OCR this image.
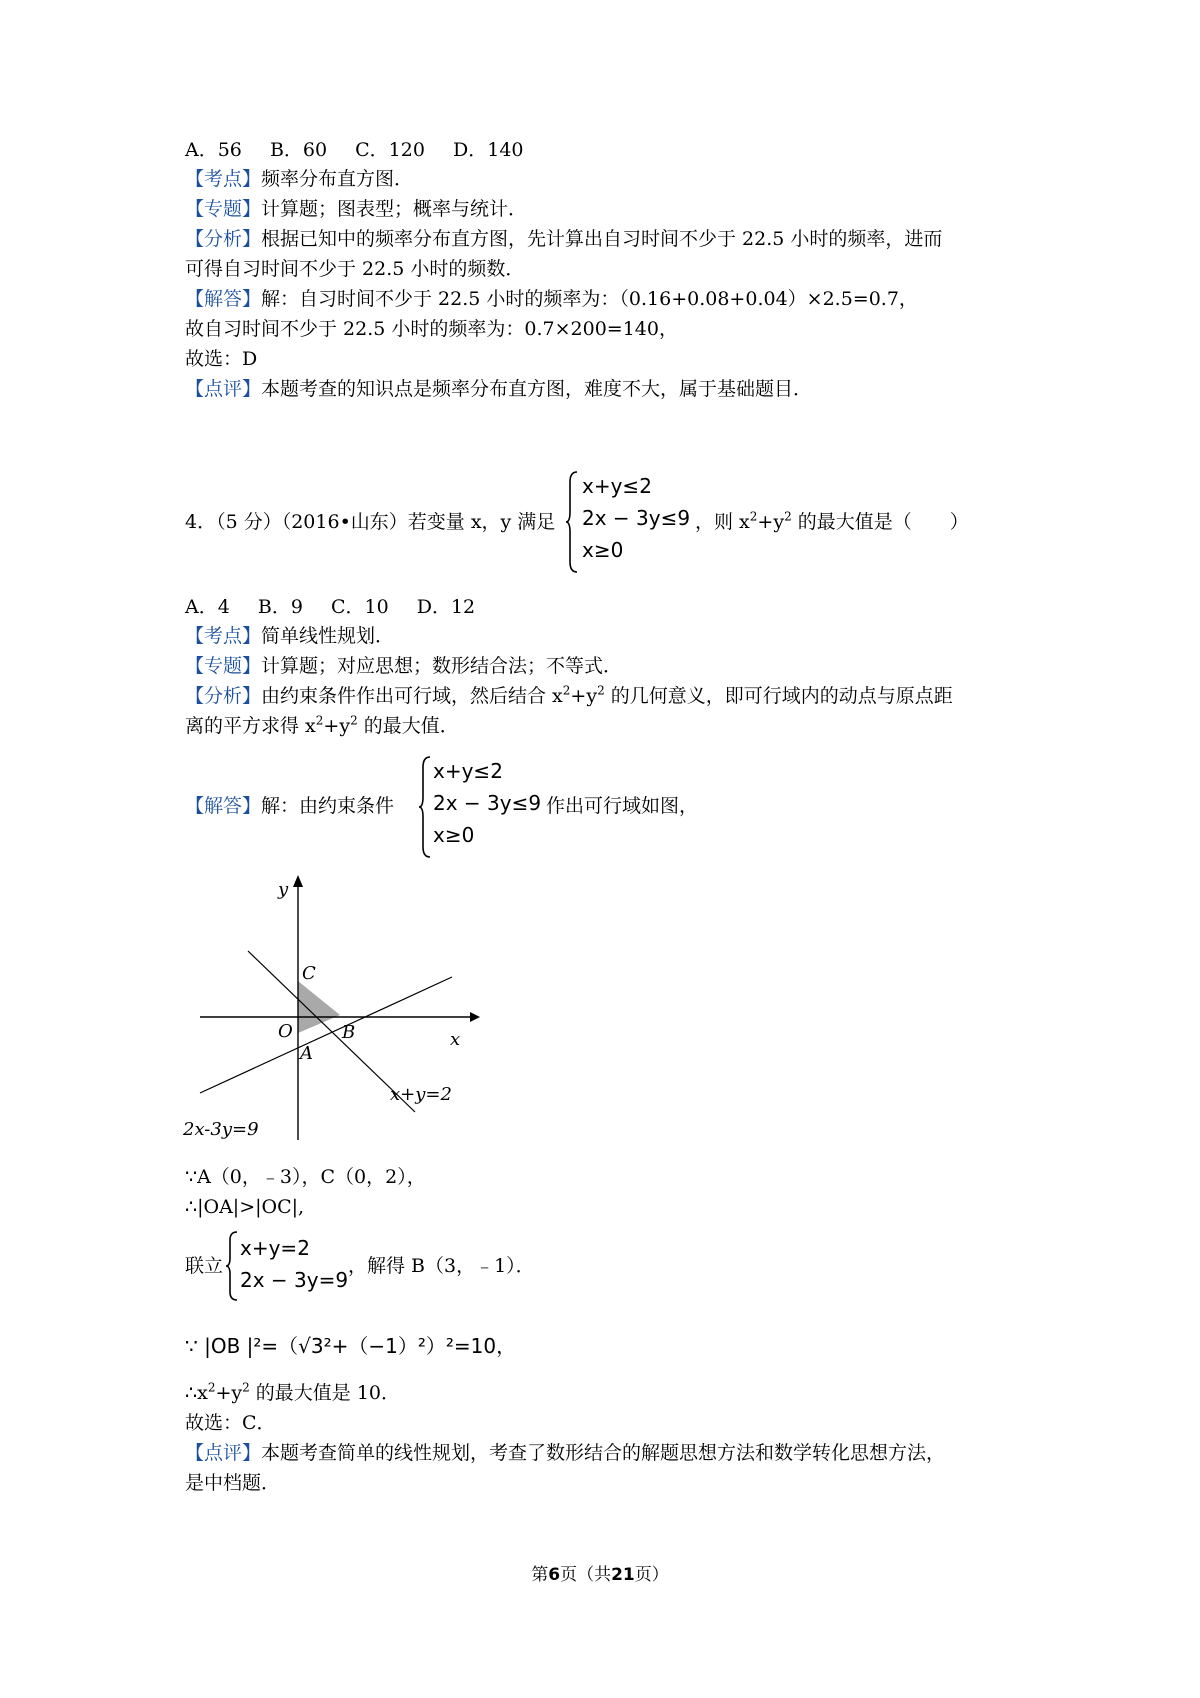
A．56 B．60 C．120 D．140
【考点】频率分布直方图．
【专题】计算题；图表型；概率与统计．
【分析】根据已知中的频率分布直方图，先计算出自习时间不少于 22.5 小时的频率，进而
可得自习时间不少于 22.5 小时的频数．
【解答】解：自习时间不少于 22.5 小时的频率为：（0.16+0.08+0.04）×2.5=0.7，
故自习时间不少于 22.5 小时的频率为：0.7×200=140，
故选：D
【点评】本题考查的知识点是频率分布直方图，难度不大，属于基础题目．
4．（5 分）（2016•山东）若变量 x，y 满足
x+y≤2
2x − 3y≤9
x≥0
，则 $x^2+y^2$ 的最大值是（　　）
A．4 B．9 C．10 D．12
【考点】简单线性规划．
【专题】计算题；对应思想；数形结合法；不等式．
【分析】由约束条件作出可行域，然后结合 $x^2+y^2$ 的几何意义，即可行域内的动点与原点距
离的平方求得 $x^2+y^2$ 的最大值．
【解答】解：由约束条件
x+y≤2
2x − 3y≤9
x≥0
作出可行域如图，
y
x
O
C
B
A
x+y=2
2x-3y=9
∵A（0，﹣3），C（0，2），
∴|OA|>|OC|,
联立
x+y=2
2x − 3y=9
，解得 B（3，﹣1）．
∵ |OB |²=（√3²+（−1）²）²=10，
$\therefore x^2+y^2$ 的最大值是 10．
故选：C．
【点评】本题考查简单的线性规划，考查了数形结合的解题思想方法和数学转化思想方法，
是中档题．
第6页（共21页）
